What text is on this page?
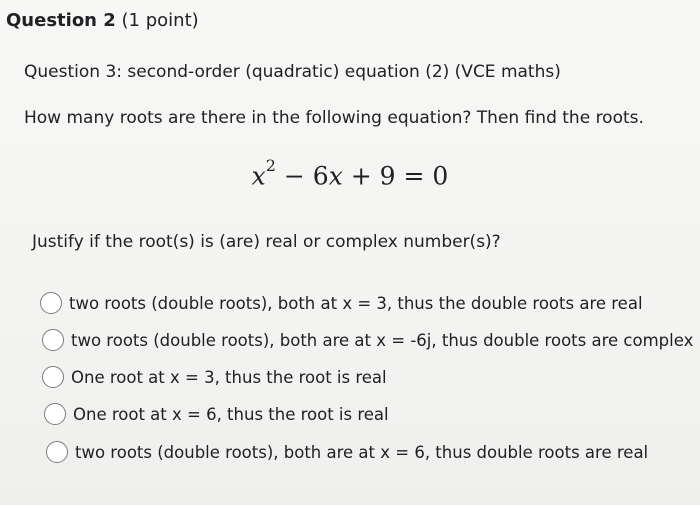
Question 2 (1 point)
Question 3: second-order (quadratic) equation (2) (VCE maths)
How many roots are there in the following equation? Then find the roots.
$x^2 - 6x + 9 = 0$
Justify if the root(s) is (are) real or complex number(s)?
two roots (double roots), both at x = 3, thus the double roots are real
two roots (double roots), both are at x = -6j, thus double roots are complex
One root at x = 3, thus the root is real
One root at x = 6, thus the root is real
two roots (double roots), both are at x = 6, thus double roots are real
